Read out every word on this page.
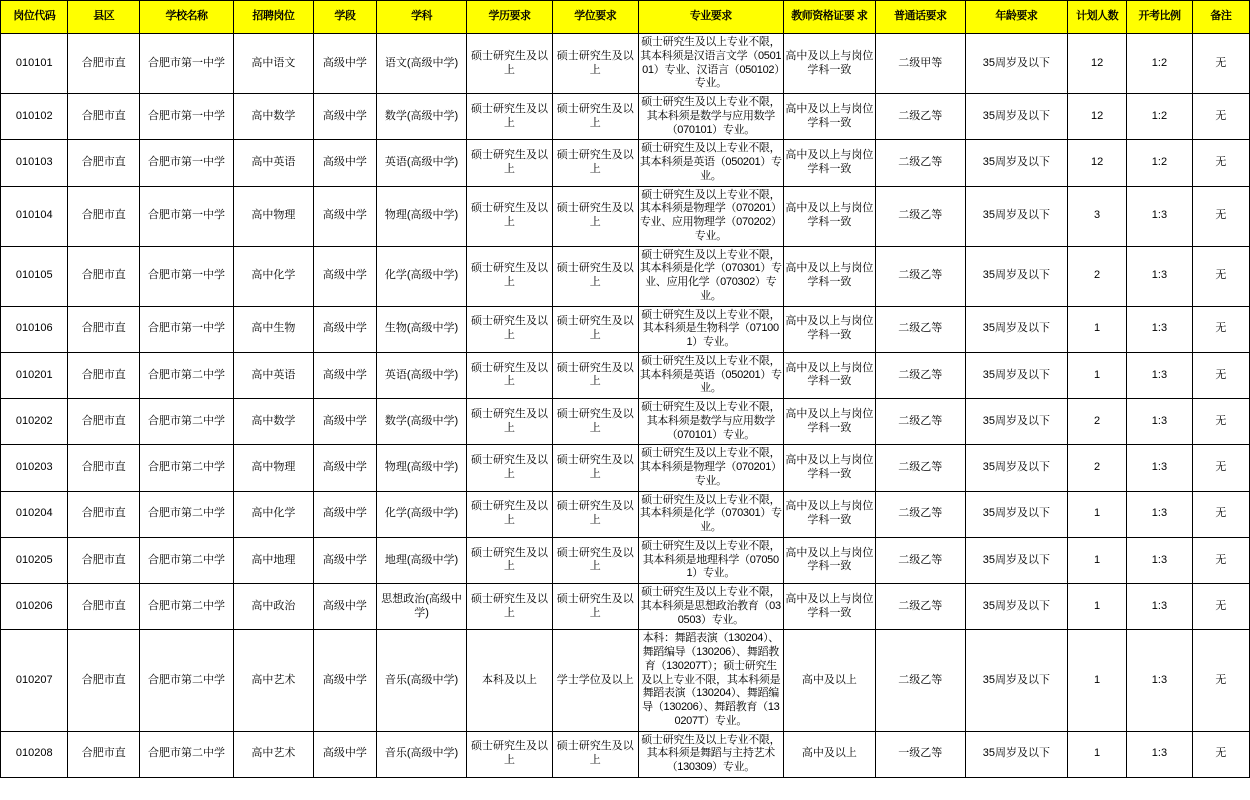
岗位代码	县区	学校名称	招聘岗位	学段	学科	学历要求	学位要求	专业要求	教师资格证要 求	普通话要求	年龄要求	计划人数	开考比例	备注
010101	合肥市直	合肥市第一中学	高中语文	高级中学	语文(高级中学)	硕士研究生及以上	硕士研究生及以上	硕士研究生及以上专业不限，其本科须是汉语言文学（050101）专业、汉语言（050102）专业。	高中及以上与岗位学科一致	二级甲等	35周岁及以下	12	1:2	无
010102	合肥市直	合肥市第一中学	高中数学	高级中学	数学(高级中学)	硕士研究生及以上	硕士研究生及以上	硕士研究生及以上专业不限，其本科须是数学与应用数学（070101）专业。	高中及以上与岗位学科一致	二级乙等	35周岁及以下	12	1:2	无
010103	合肥市直	合肥市第一中学	高中英语	高级中学	英语(高级中学)	硕士研究生及以上	硕士研究生及以上	硕士研究生及以上专业不限，其本科须是英语（050201）专业。	高中及以上与岗位学科一致	二级乙等	35周岁及以下	12	1:2	无
010104	合肥市直	合肥市第一中学	高中物理	高级中学	物理(高级中学)	硕士研究生及以上	硕士研究生及以上	硕士研究生及以上专业不限，其本科须是物理学（070201）专业、应用物理学（070202）专业。	高中及以上与岗位学科一致	二级乙等	35周岁及以下	3	1:3	无
010105	合肥市直	合肥市第一中学	高中化学	高级中学	化学(高级中学)	硕士研究生及以上	硕士研究生及以上	硕士研究生及以上专业不限，其本科须是化学（070301）专业、应用化学（070302）专业。	高中及以上与岗位学科一致	二级乙等	35周岁及以下	2	1:3	无
010106	合肥市直	合肥市第一中学	高中生物	高级中学	生物(高级中学)	硕士研究生及以上	硕士研究生及以上	硕士研究生及以上专业不限，其本科须是生物科学（071001）专业。	高中及以上与岗位学科一致	二级乙等	35周岁及以下	1	1:3	无
010201	合肥市直	合肥市第二中学	高中英语	高级中学	英语(高级中学)	硕士研究生及以上	硕士研究生及以上	硕士研究生及以上专业不限，其本科须是英语（050201）专业。	高中及以上与岗位学科一致	二级乙等	35周岁及以下	1	1:3	无
010202	合肥市直	合肥市第二中学	高中数学	高级中学	数学(高级中学)	硕士研究生及以上	硕士研究生及以上	硕士研究生及以上专业不限，其本科须是数学与应用数学（070101）专业。	高中及以上与岗位学科一致	二级乙等	35周岁及以下	2	1:3	无
010203	合肥市直	合肥市第二中学	高中物理	高级中学	物理(高级中学)	硕士研究生及以上	硕士研究生及以上	硕士研究生及以上专业不限，其本科须是物理学（070201）专业。	高中及以上与岗位学科一致	二级乙等	35周岁及以下	2	1:3	无
010204	合肥市直	合肥市第二中学	高中化学	高级中学	化学(高级中学)	硕士研究生及以上	硕士研究生及以上	硕士研究生及以上专业不限，其本科须是化学（070301）专业。	高中及以上与岗位学科一致	二级乙等	35周岁及以下	1	1:3	无
010205	合肥市直	合肥市第二中学	高中地理	高级中学	地理(高级中学)	硕士研究生及以上	硕士研究生及以上	硕士研究生及以上专业不限，其本科须是地理科学（070501）专业。	高中及以上与岗位学科一致	二级乙等	35周岁及以下	1	1:3	无
010206	合肥市直	合肥市第二中学	高中政治	高级中学	思想政治(高级中学)	硕士研究生及以上	硕士研究生及以上	硕士研究生及以上专业不限，其本科须是思想政治教育（030503）专业。	高中及以上与岗位学科一致	二级乙等	35周岁及以下	1	1:3	无
010207	合肥市直	合肥市第二中学	高中艺术	高级中学	音乐(高级中学)	本科及以上	学士学位及以上	本科：舞蹈表演（130204）、舞蹈编导（130206）、舞蹈教育（130207T）；硕士研究生及以上专业不限，其本科须是舞蹈表演（130204）、舞蹈编导（130206）、舞蹈教育（130207T）专业。	高中及以上	二级乙等	35周岁及以下	1	1:3	无
010208	合肥市直	合肥市第二中学	高中艺术	高级中学	音乐(高级中学)	硕士研究生及以上	硕士研究生及以上	硕士研究生及以上专业不限，其本科须是舞蹈与主持艺术（130309）专业。	高中及以上	一级乙等	35周岁及以下	1	1:3	无
